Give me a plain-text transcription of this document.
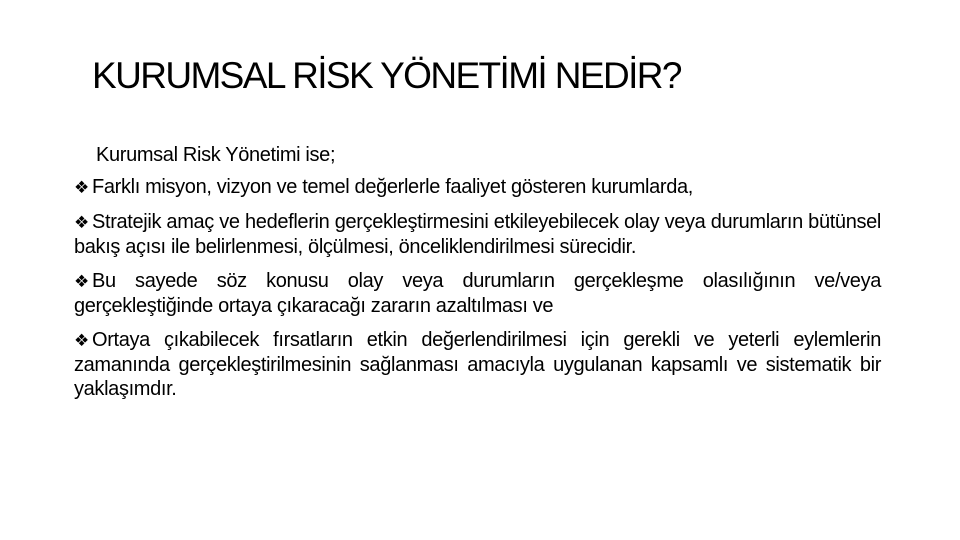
KURUMSAL RİSK YÖNETİMİ NEDİR?

Kurumsal Risk Yönetimi ise;

❖ Farklı misyon, vizyon ve temel değerlerle faaliyet gösteren kurumlarda,

❖ Stratejik amaç ve hedeflerin gerçekleştirmesini etkileyebilecek olay veya durumların bütünsel bakış açısı ile belirlenmesi, ölçülmesi, önceliklendirilmesi sürecidir.

❖ Bu sayede söz konusu olay veya durumların gerçekleşme olasılığının ve/veya gerçekleştiğinde ortaya çıkaracağı zararın azaltılması ve

❖ Ortaya çıkabilecek fırsatların etkin değerlendirilmesi için gerekli ve yeterli eylemlerin zamanında gerçekleştirilmesinin sağlanması amacıyla uygulanan kapsamlı ve sistematik bir yaklaşımdır.
